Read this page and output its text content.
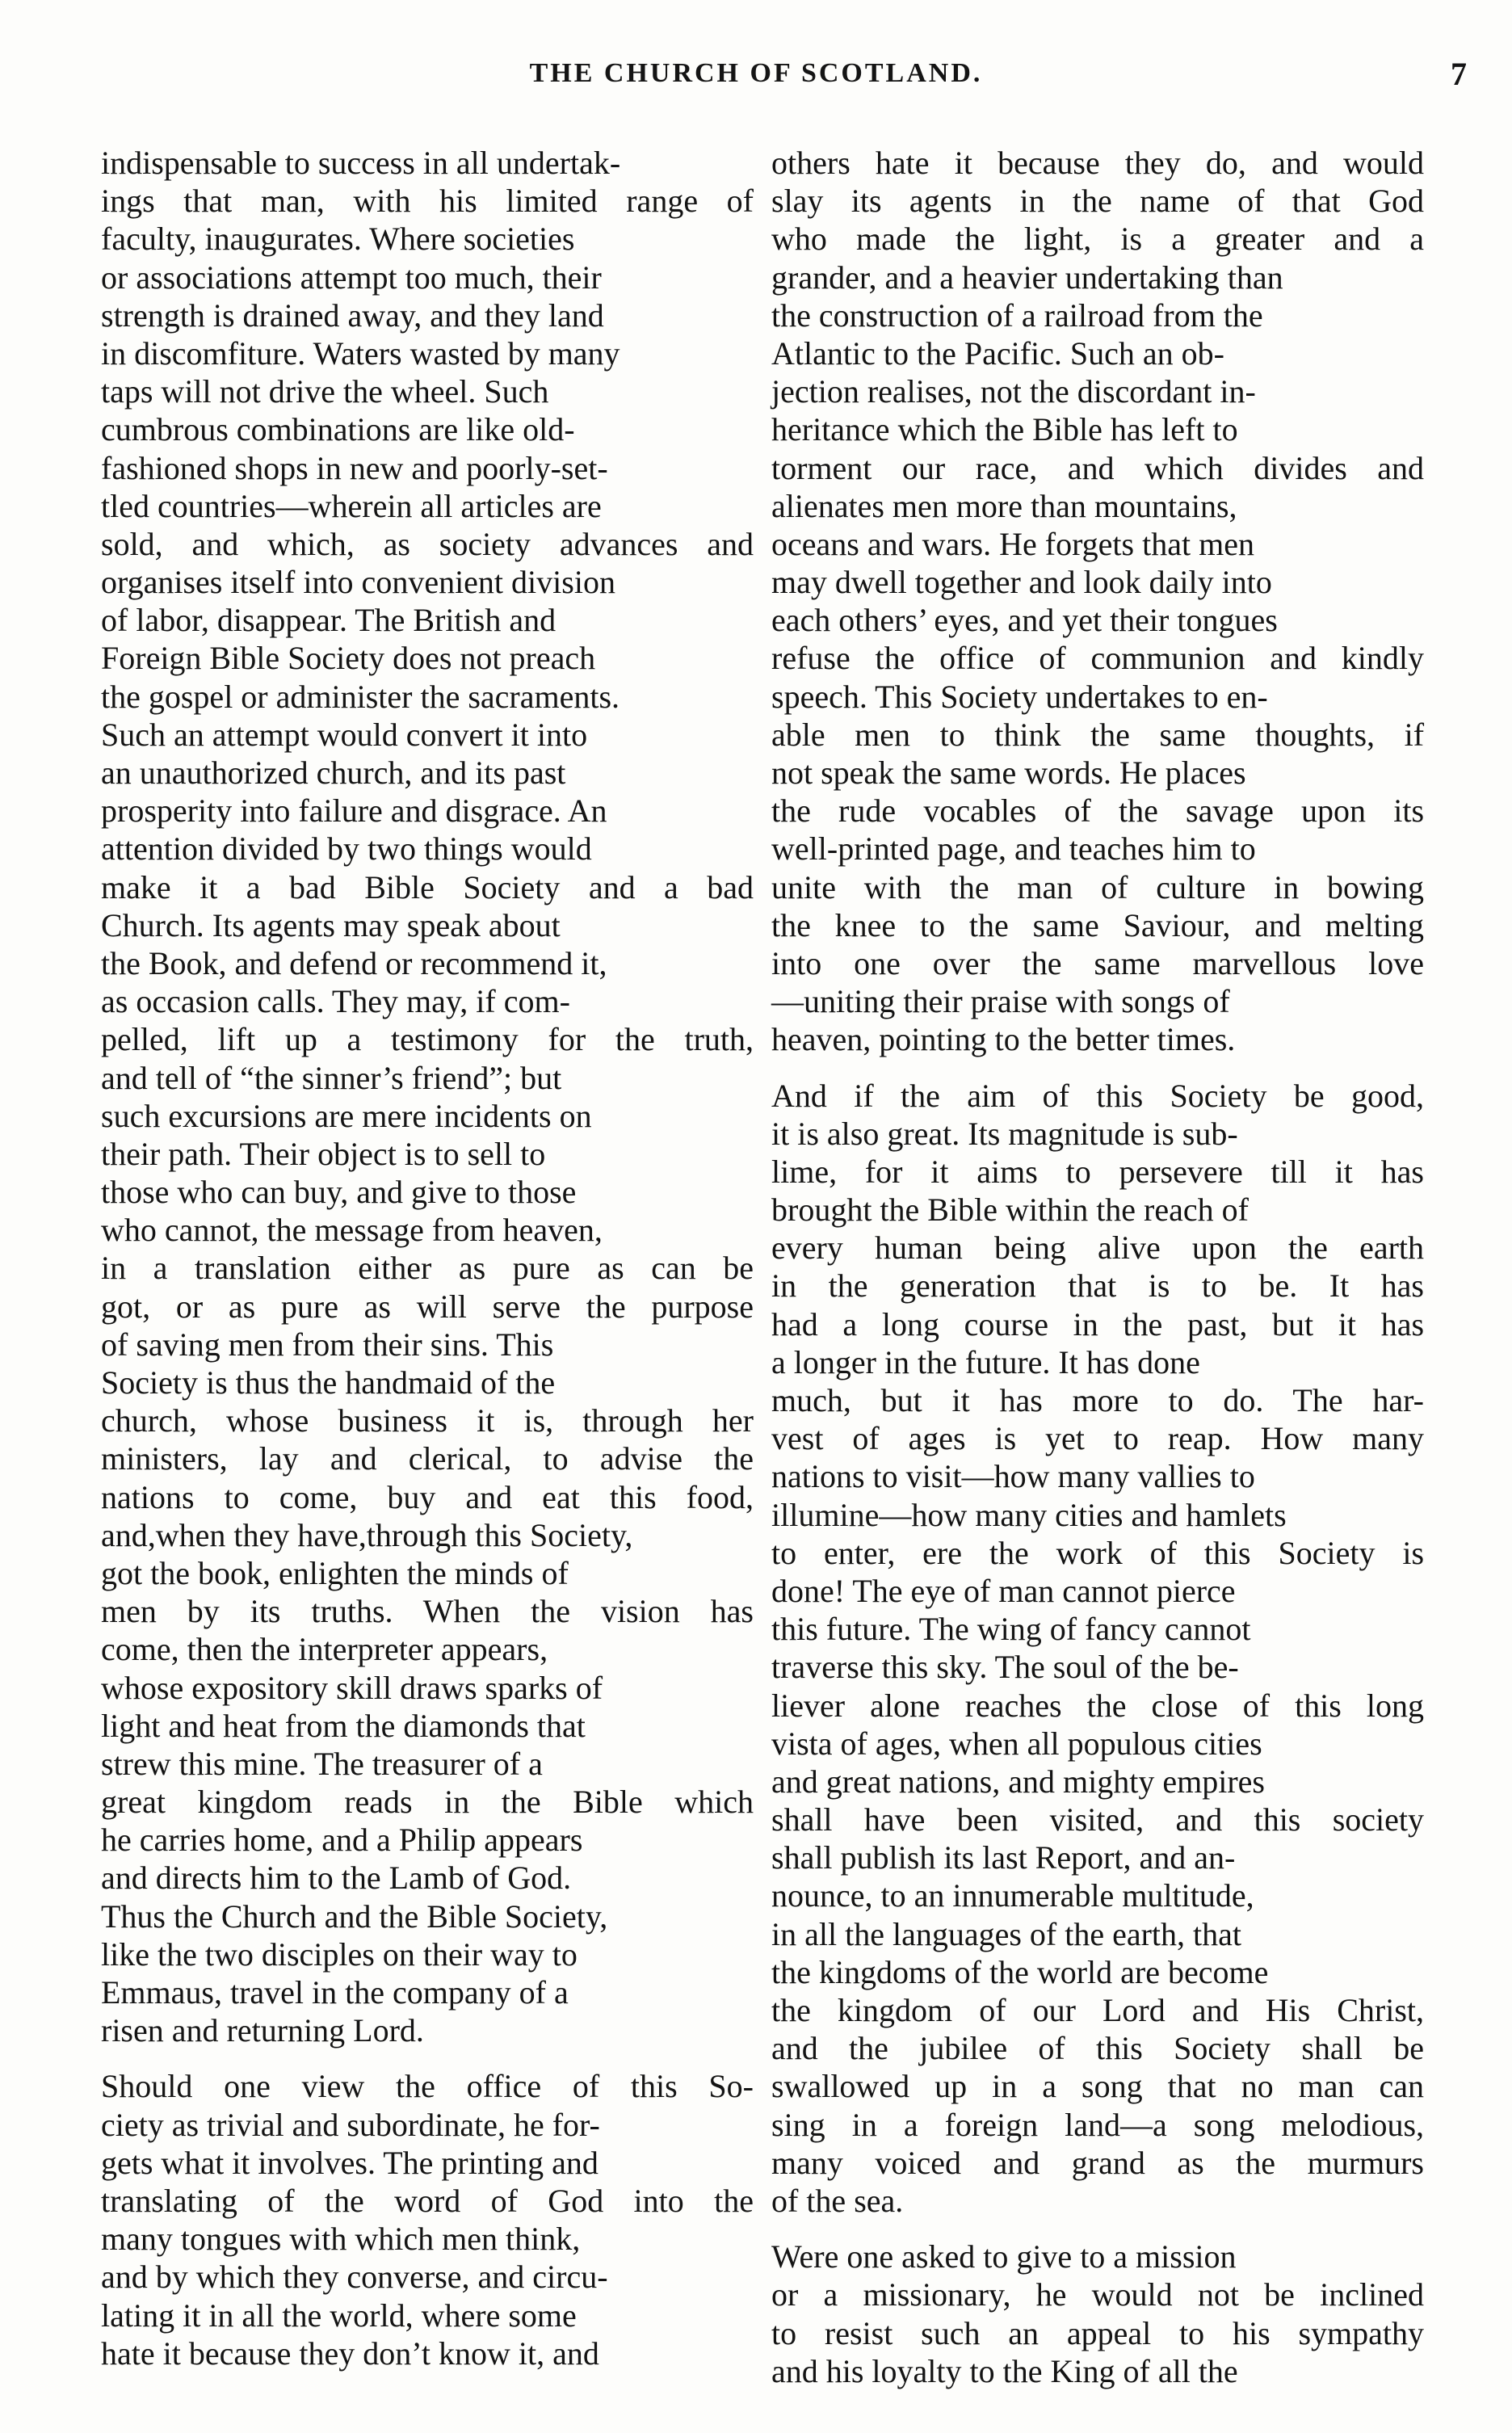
THE CHURCH OF SCOTLAND.	7
indispensable to success in all undertak-
ings that man, with his limited range of
faculty, inaugurates. Where societies
or associations attempt too much, their
strength is drained away, and they land
in discomfiture. Waters wasted by many
taps will not drive the wheel. Such
cumbrous combinations are like old-
fashioned shops in new and poorly-set-
tled countries—wherein all articles are
sold, and which, as society advances and
organises itself into convenient division
of labor, disappear. The British and
Foreign Bible Society does not preach
the gospel or administer the sacraments.
Such an attempt would convert it into
an unauthorized church, and its past
prosperity into failure and disgrace. An
attention divided by two things would
make it a bad Bible Society and a bad
Church. Its agents may speak about
the Book, and defend or recommend it,
as occasion calls. They may, if com-
pelled, lift up a testimony for the truth,
and tell of “the sinner’s friend”; but
such excursions are mere incidents on
their path. Their object is to sell to
those who can buy, and give to those
who cannot, the message from heaven,
in a translation either as pure as can be
got, or as pure as will serve the purpose
of saving men from their sins. This
Society is thus the handmaid of the
church, whose business it is, through her
ministers, lay and clerical, to advise the
nations to come, buy and eat this food,
and,when they have,through this Society,
got the book, enlighten the minds of
men by its truths. When the vision has
come, then the interpreter appears,
whose expository skill draws sparks of
light and heat from the diamonds that
strew this mine. The treasurer of a
great kingdom reads in the Bible which
he carries home, and a Philip appears
and directs him to the Lamb of God.
Thus the Church and the Bible Society,
like the two disciples on their way to
Emmaus, travel in the company of a
risen and returning Lord.
Should one view the office of this So-
ciety as trivial and subordinate, he for-
gets what it involves. The printing and
translating of the word of God into the
many tongues with which men think,
and by which they converse, and circu-
lating it in all the world, where some
hate it because they don’t know it, and
others hate it because they do, and would
slay its agents in the name of that God
who made the light, is a greater and a
grander, and a heavier undertaking than
the construction of a railroad from the
Atlantic to the Pacific. Such an ob-
jection realises, not the discordant in-
heritance which the Bible has left to
torment our race, and which divides and
alienates men more than mountains,
oceans and wars. He forgets that men
may dwell together and look daily into
each others’ eyes, and yet their tongues
refuse the office of communion and kindly
speech. This Society undertakes to en-
able men to think the same thoughts, if
not speak the same words. He places
the rude vocables of the savage upon its
well-printed page, and teaches him to
unite with the man of culture in bowing
the knee to the same Saviour, and melting
into one over the same marvellous love
—uniting their praise with songs of
heaven, pointing to the better times.
And if the aim of this Society be good,
it is also great. Its magnitude is sub-
lime, for it aims to persevere till it has
brought the Bible within the reach of
every human being alive upon the earth
in the generation that is to be. It has
had a long course in the past, but it has
a longer in the future. It has done
much, but it has more to do. The har-
vest of ages is yet to reap. How many
nations to visit—how many vallies to
illumine—how many cities and hamlets
to enter, ere the work of this Society is
done! The eye of man cannot pierce
this future. The wing of fancy cannot
traverse this sky. The soul of the be-
liever alone reaches the close of this long
vista of ages, when all populous cities
and great nations, and mighty empires
shall have been visited, and this society
shall publish its last Report, and an-
nounce, to an innumerable multitude,
in all the languages of the earth, that
the kingdoms of the world are become
the kingdom of our Lord and His Christ,
and the jubilee of this Society shall be
swallowed up in a song that no man can
sing in a foreign land—a song melodious,
many voiced and grand as the murmurs
of the sea.
Were one asked to give to a mission
or a missionary, he would not be inclined
to resist such an appeal to his sympathy
and his loyalty to the King of all the
